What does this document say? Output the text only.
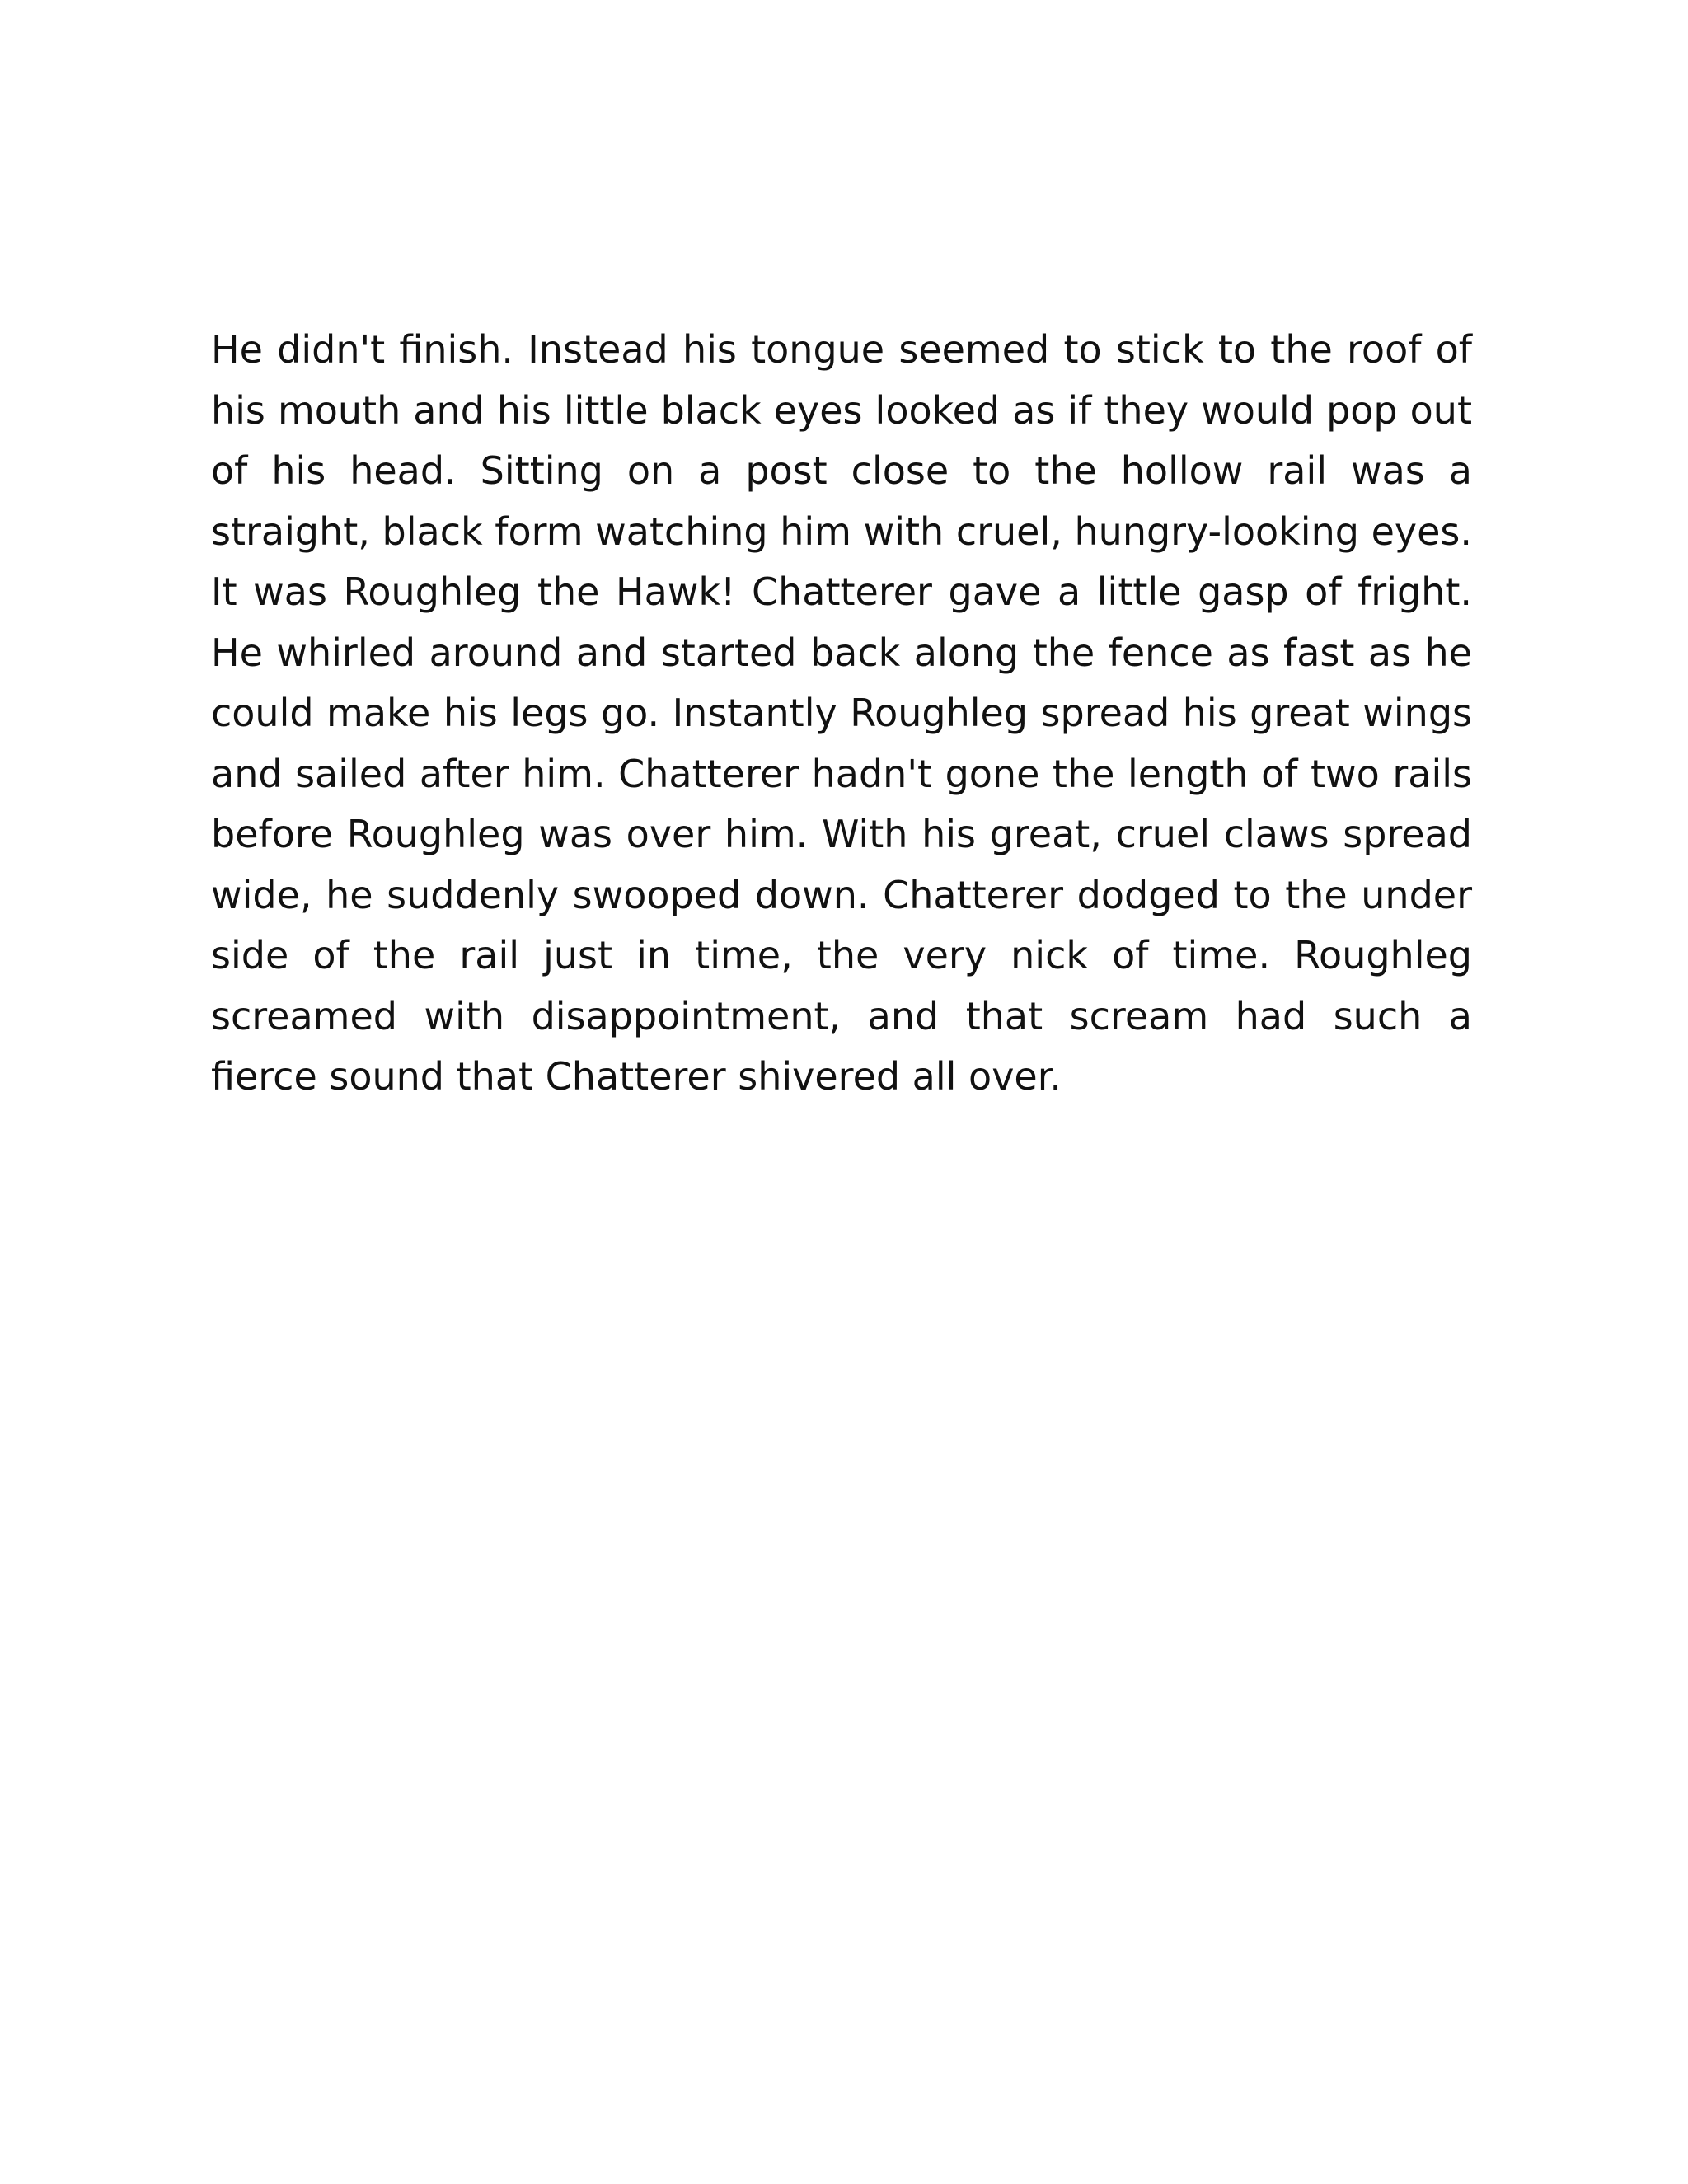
He didn't finish. Instead his tongue seemed to stick to the roof of his mouth and his little black eyes looked as if they would pop out of his head. Sitting on a post close to the hollow rail was a straight, black form watching him with cruel, hungry-looking eyes. It was Roughleg the Hawk! Chatterer gave a little gasp of fright. He whirled around and started back along the fence as fast as he could make his legs go. Instantly Roughleg spread his great wings and sailed after him. Chatterer hadn't gone the length of two rails before Roughleg was over him. With his great, cruel claws spread wide, he suddenly swooped down. Chatterer dodged to the under side of the rail just in time, the very nick of time. Roughleg screamed with disappointment, and that scream had such a fierce sound that Chatterer shivered all over.
